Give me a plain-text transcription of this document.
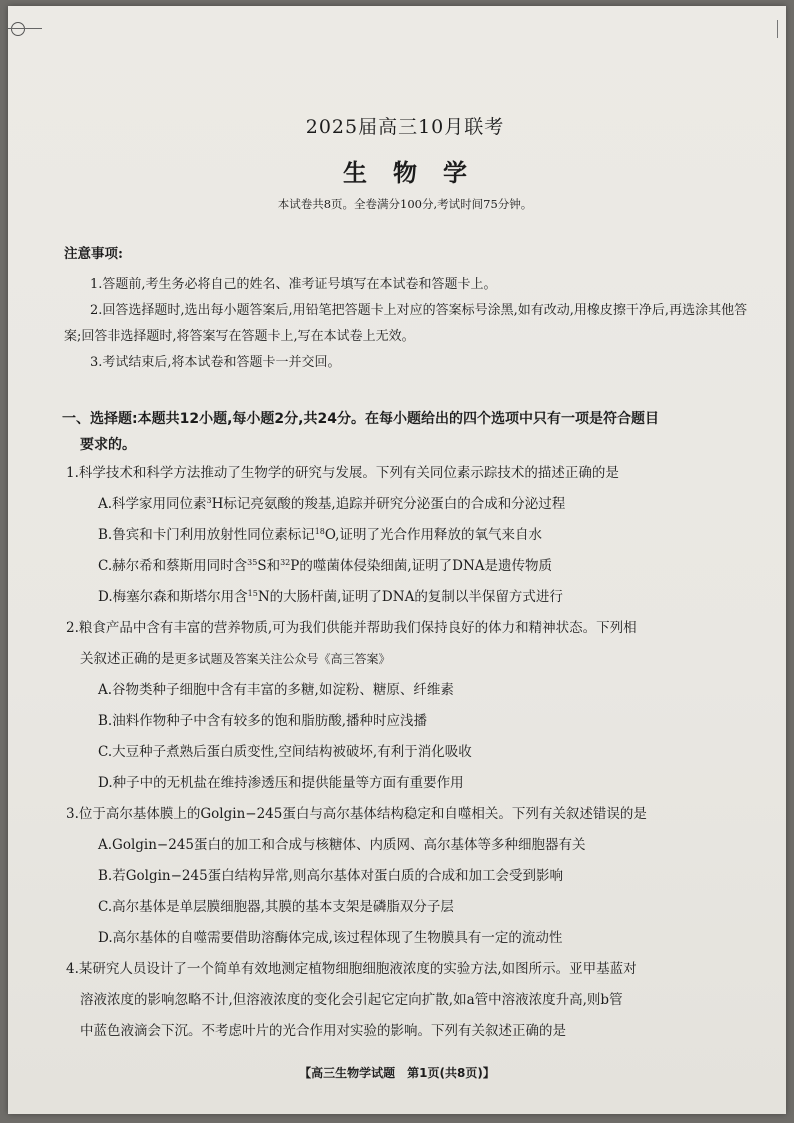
2025届高三10月联考
生物学
本试卷共8页。全卷满分100分,考试时间75分钟。
注意事项:
1.答题前,考生务必将自己的姓名、准考证号填写在本试卷和答题卡上。
2.回答选择题时,选出每小题答案后,用铅笔把答题卡上对应的答案标号涂黑,如有改动,用橡皮擦干净后,再选涂其他答案;回答非选择题时,将答案写在答题卡上,写在本试卷上无效。
3.考试结束后,将本试卷和答题卡一并交回。
一、选择题:本题共12小题,每小题2分,共24分。在每小题给出的四个选项中只有一项是符合题目
要求的。
1.科学技术和科学方法推动了生物学的研究与发展。下列有关同位素示踪技术的描述正确的是
A.科学家用同位素$^3$H标记亮氨酸的羧基,追踪并研究分泌蛋白的合成和分泌过程
B.鲁宾和卡门利用放射性同位素标记$^{18}$O,证明了光合作用释放的氧气来自水
C.赫尔希和蔡斯用同时含$^{35}$S和$^{32}$P的噬菌体侵染细菌,证明了DNA是遗传物质
D.梅塞尔森和斯塔尔用含$^{15}$N的大肠杆菌,证明了DNA的复制以半保留方式进行
2.粮食产品中含有丰富的营养物质,可为我们供能并帮助我们保持良好的体力和精神状态。下列相
关叙述正确的是更多试题及答案关注公众号《高三答案》
A.谷物类种子细胞中含有丰富的多糖,如淀粉、糖原、纤维素
B.油料作物种子中含有较多的饱和脂肪酸,播种时应浅播
C.大豆种子煮熟后蛋白质变性,空间结构被破坏,有利于消化吸收
D.种子中的无机盐在维持渗透压和提供能量等方面有重要作用
3.位于高尔基体膜上的Golgin−245蛋白与高尔基体结构稳定和自噬相关。下列有关叙述错误的是
A.Golgin−245蛋白的加工和合成与核糖体、内质网、高尔基体等多种细胞器有关
B.若Golgin−245蛋白结构异常,则高尔基体对蛋白质的合成和加工会受到影响
C.高尔基体是单层膜细胞器,其膜的基本支架是磷脂双分子层
D.高尔基体的自噬需要借助溶酶体完成,该过程体现了生物膜具有一定的流动性
4.某研究人员设计了一个简单有效地测定植物细胞细胞液浓度的实验方法,如图所示。亚甲基蓝对
溶液浓度的影响忽略不计,但溶液浓度的变化会引起它定向扩散,如a管中溶液浓度升高,则b管
中蓝色液滴会下沉。不考虑叶片的光合作用对实验的影响。下列有关叙述正确的是
【高三生物学试题　第1页(共8页)】
